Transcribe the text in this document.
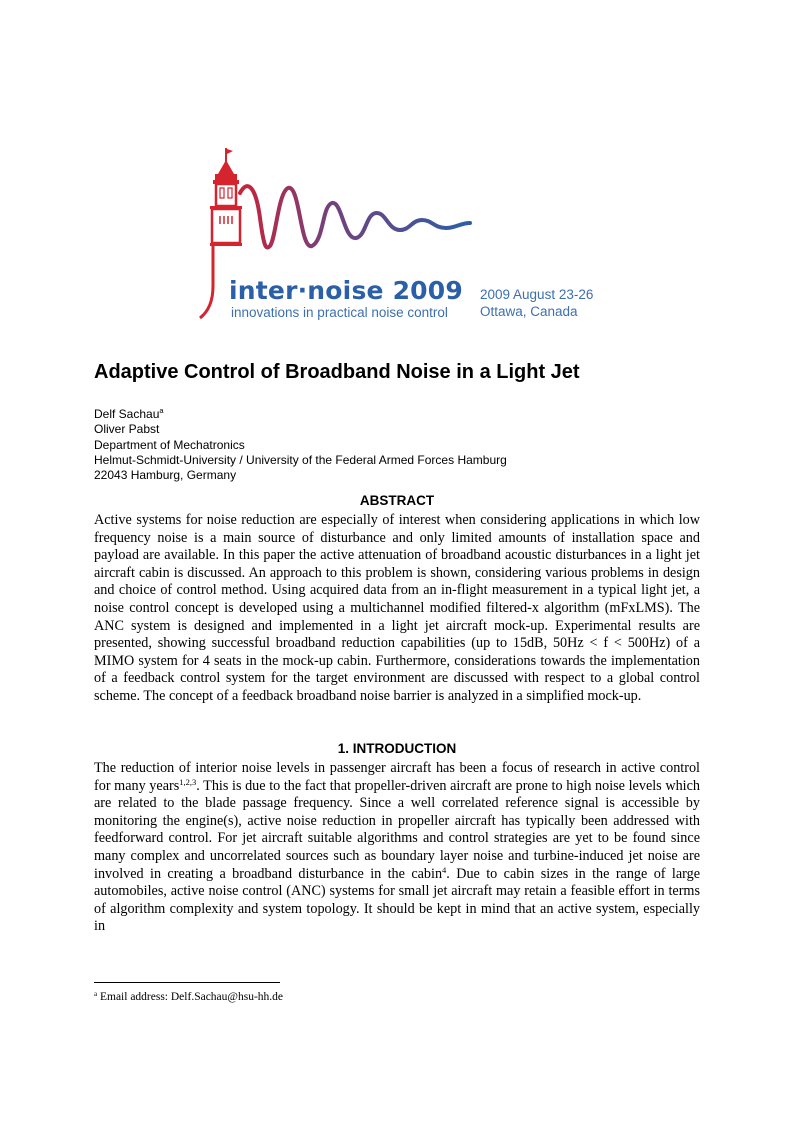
inter·noise 2009
innovations in practical noise control
2009 August 23-26
Ottawa, Canada
Adaptive Control of Broadband Noise in a Light Jet
Delf Sachau$^a$
Oliver Pabst
Department of Mechatronics
Helmut-Schmidt-University / University of the Federal Armed Forces Hamburg
22043 Hamburg, Germany
ABSTRACT

Active systems for noise reduction are especially of interest when considering applications in which low frequency noise is a main source of disturbance and only limited amounts of installation space and payload are available. In this paper the active attenuation of broadband acoustic disturbances in a light jet aircraft cabin is discussed. An approach to this problem is shown, considering various problems in design and choice of control method. Using acquired data from an in-flight measurement in a typical light jet, a noise control concept is developed using a multichannel modified filtered-x algorithm (mFxLMS). The ANC system is designed and implemented in a light jet aircraft mock-up. Experimental results are presented, showing successful broadband reduction capabilities (up to 15dB, 50Hz < f < 500Hz) of a MIMO system for 4 seats in the mock-up cabin. Furthermore, considerations towards the implementation of a feedback control system for the target environment are discussed with respect to a global control scheme. The concept of a feedback broadband noise barrier is analyzed in a simplified mock-up.

1. INTRODUCTION

The reduction of interior noise levels in passenger aircraft has been a focus of research in active control for many years$^{1,2,3}$. This is due to the fact that propeller-driven aircraft are prone to high noise levels which are related to the blade passage frequency. Since a well correlated reference signal is accessible by monitoring the engine(s), active noise reduction in propeller aircraft has typically been addressed with feedforward control. For jet aircraft suitable algorithms and control strategies are yet to be found since many complex and uncorrelated sources such as boundary layer noise and turbine-induced jet noise are involved in creating a broadband disturbance in the cabin$^4$. Due to cabin sizes in the range of large automobiles, active noise control (ANC) systems for small jet aircraft may retain a feasible effort in terms of algorithm complexity and system topology. It should be kept in mind that an active system, especially in

$^a$ Email address: Delf.Sachau@hsu-hh.de
